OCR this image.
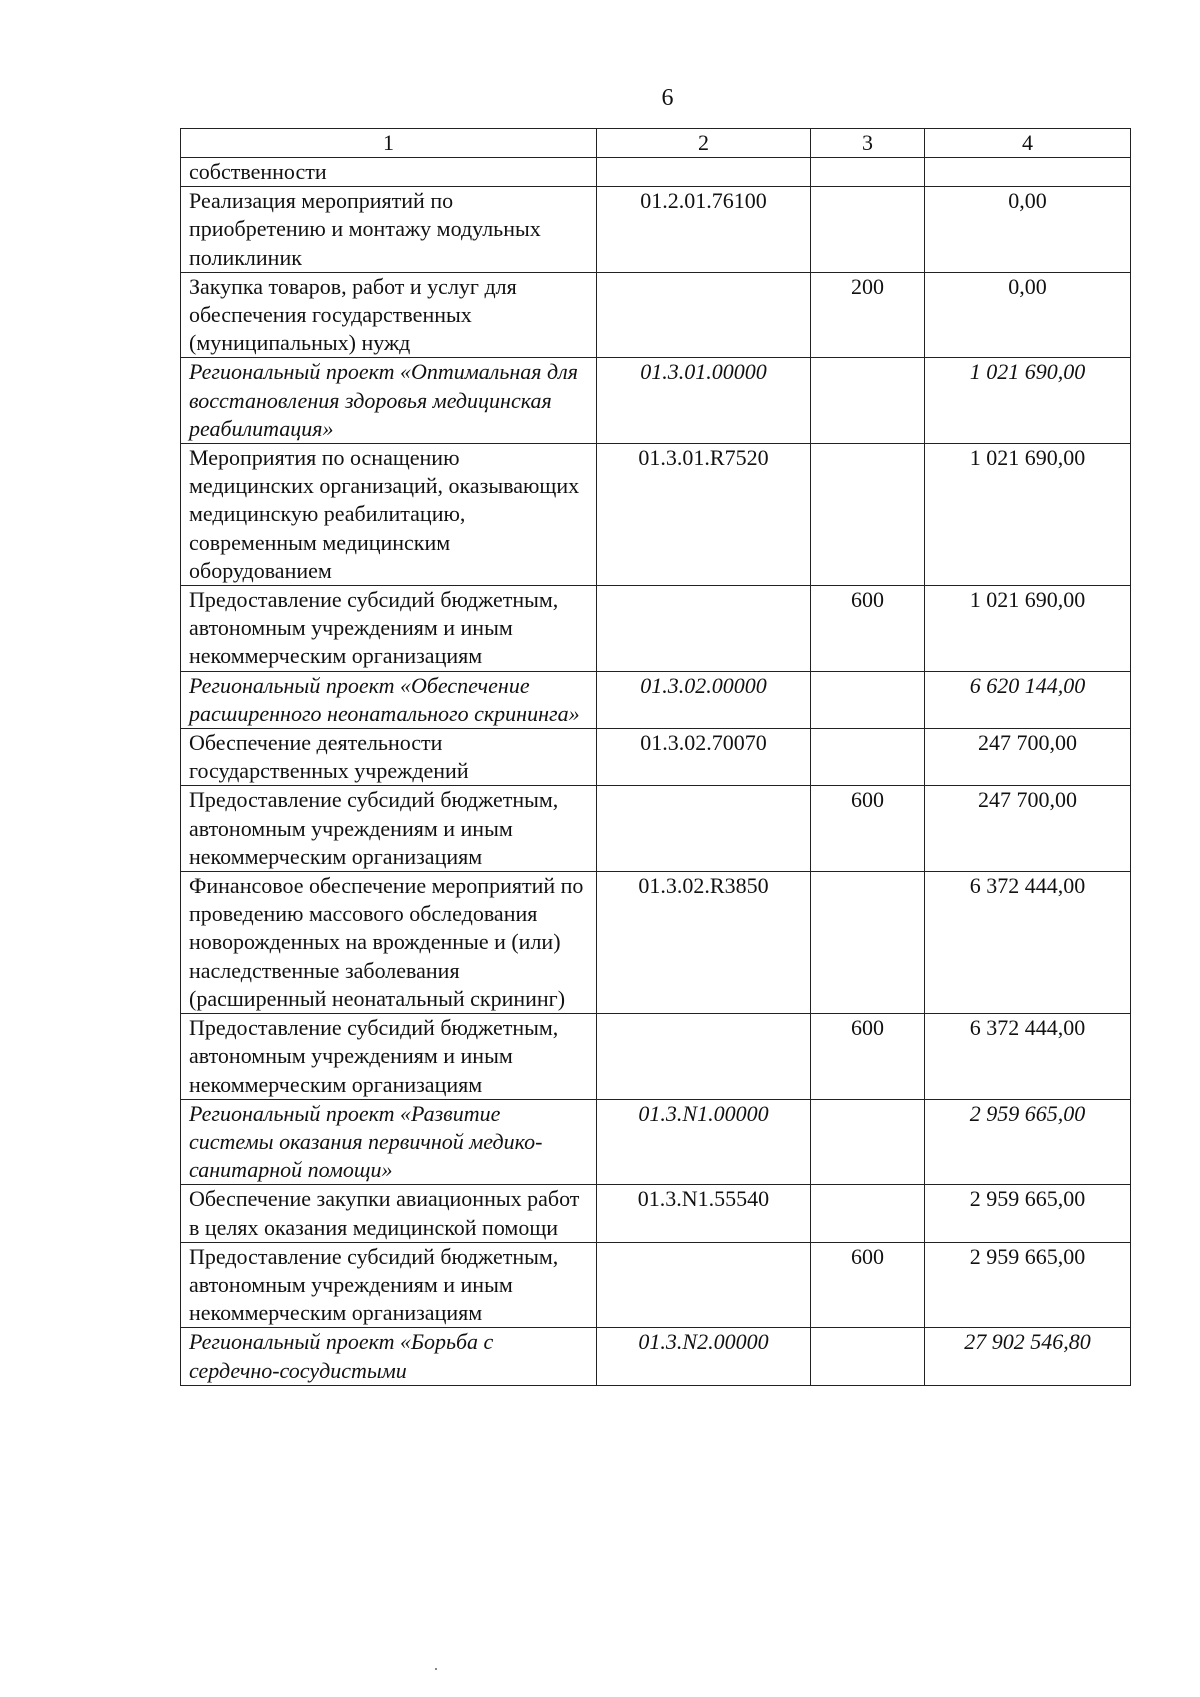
6
1	2	3	4
собственности			
Реализация мероприятий по приобретению и монтажу модульных поликлиник	01.2.01.76100		0,00
Закупка товаров, работ и услуг для обеспечения государственных (муниципальных) нужд		200	0,00
Региональный проект «Оптимальная для восстановления здоровья медицинская реабилитация»	01.3.01.00000		1 021 690,00
Мероприятия по оснащению медицинских организаций, оказывающих медицинскую реабилитацию, современным медицинским оборудованием	01.3.01.R7520		1 021 690,00
Предоставление субсидий бюджетным, автономным учреждениям и иным некоммерческим организациям		600	1 021 690,00
Региональный проект «Обеспечение расширенного неонатального скрининга»	01.3.02.00000		6 620 144,00
Обеспечение деятельности государственных учреждений	01.3.02.70070		247 700,00
Предоставление субсидий бюджетным, автономным учреждениям и иным некоммерческим организациям		600	247 700,00
Финансовое обеспечение мероприятий по проведению массового обследования новорожденных на врожденные и (или) наследственные заболевания (расширенный неонатальный скрининг)	01.3.02.R3850		6 372 444,00
Предоставление субсидий бюджетным, автономным учреждениям и иным некоммерческим организациям		600	6 372 444,00
Региональный проект «Развитие системы оказания первичной медико-санитарной помощи»	01.3.N1.00000		2 959 665,00
Обеспечение закупки авиационных работ в целях оказания медицинской помощи	01.3.N1.55540		2 959 665,00
Предоставление субсидий бюджетным, автономным учреждениям и иным некоммерческим организациям		600	2 959 665,00
Региональный проект «Борьба с сердечно-сосудистыми	01.3.N2.00000		27 902 546,80
